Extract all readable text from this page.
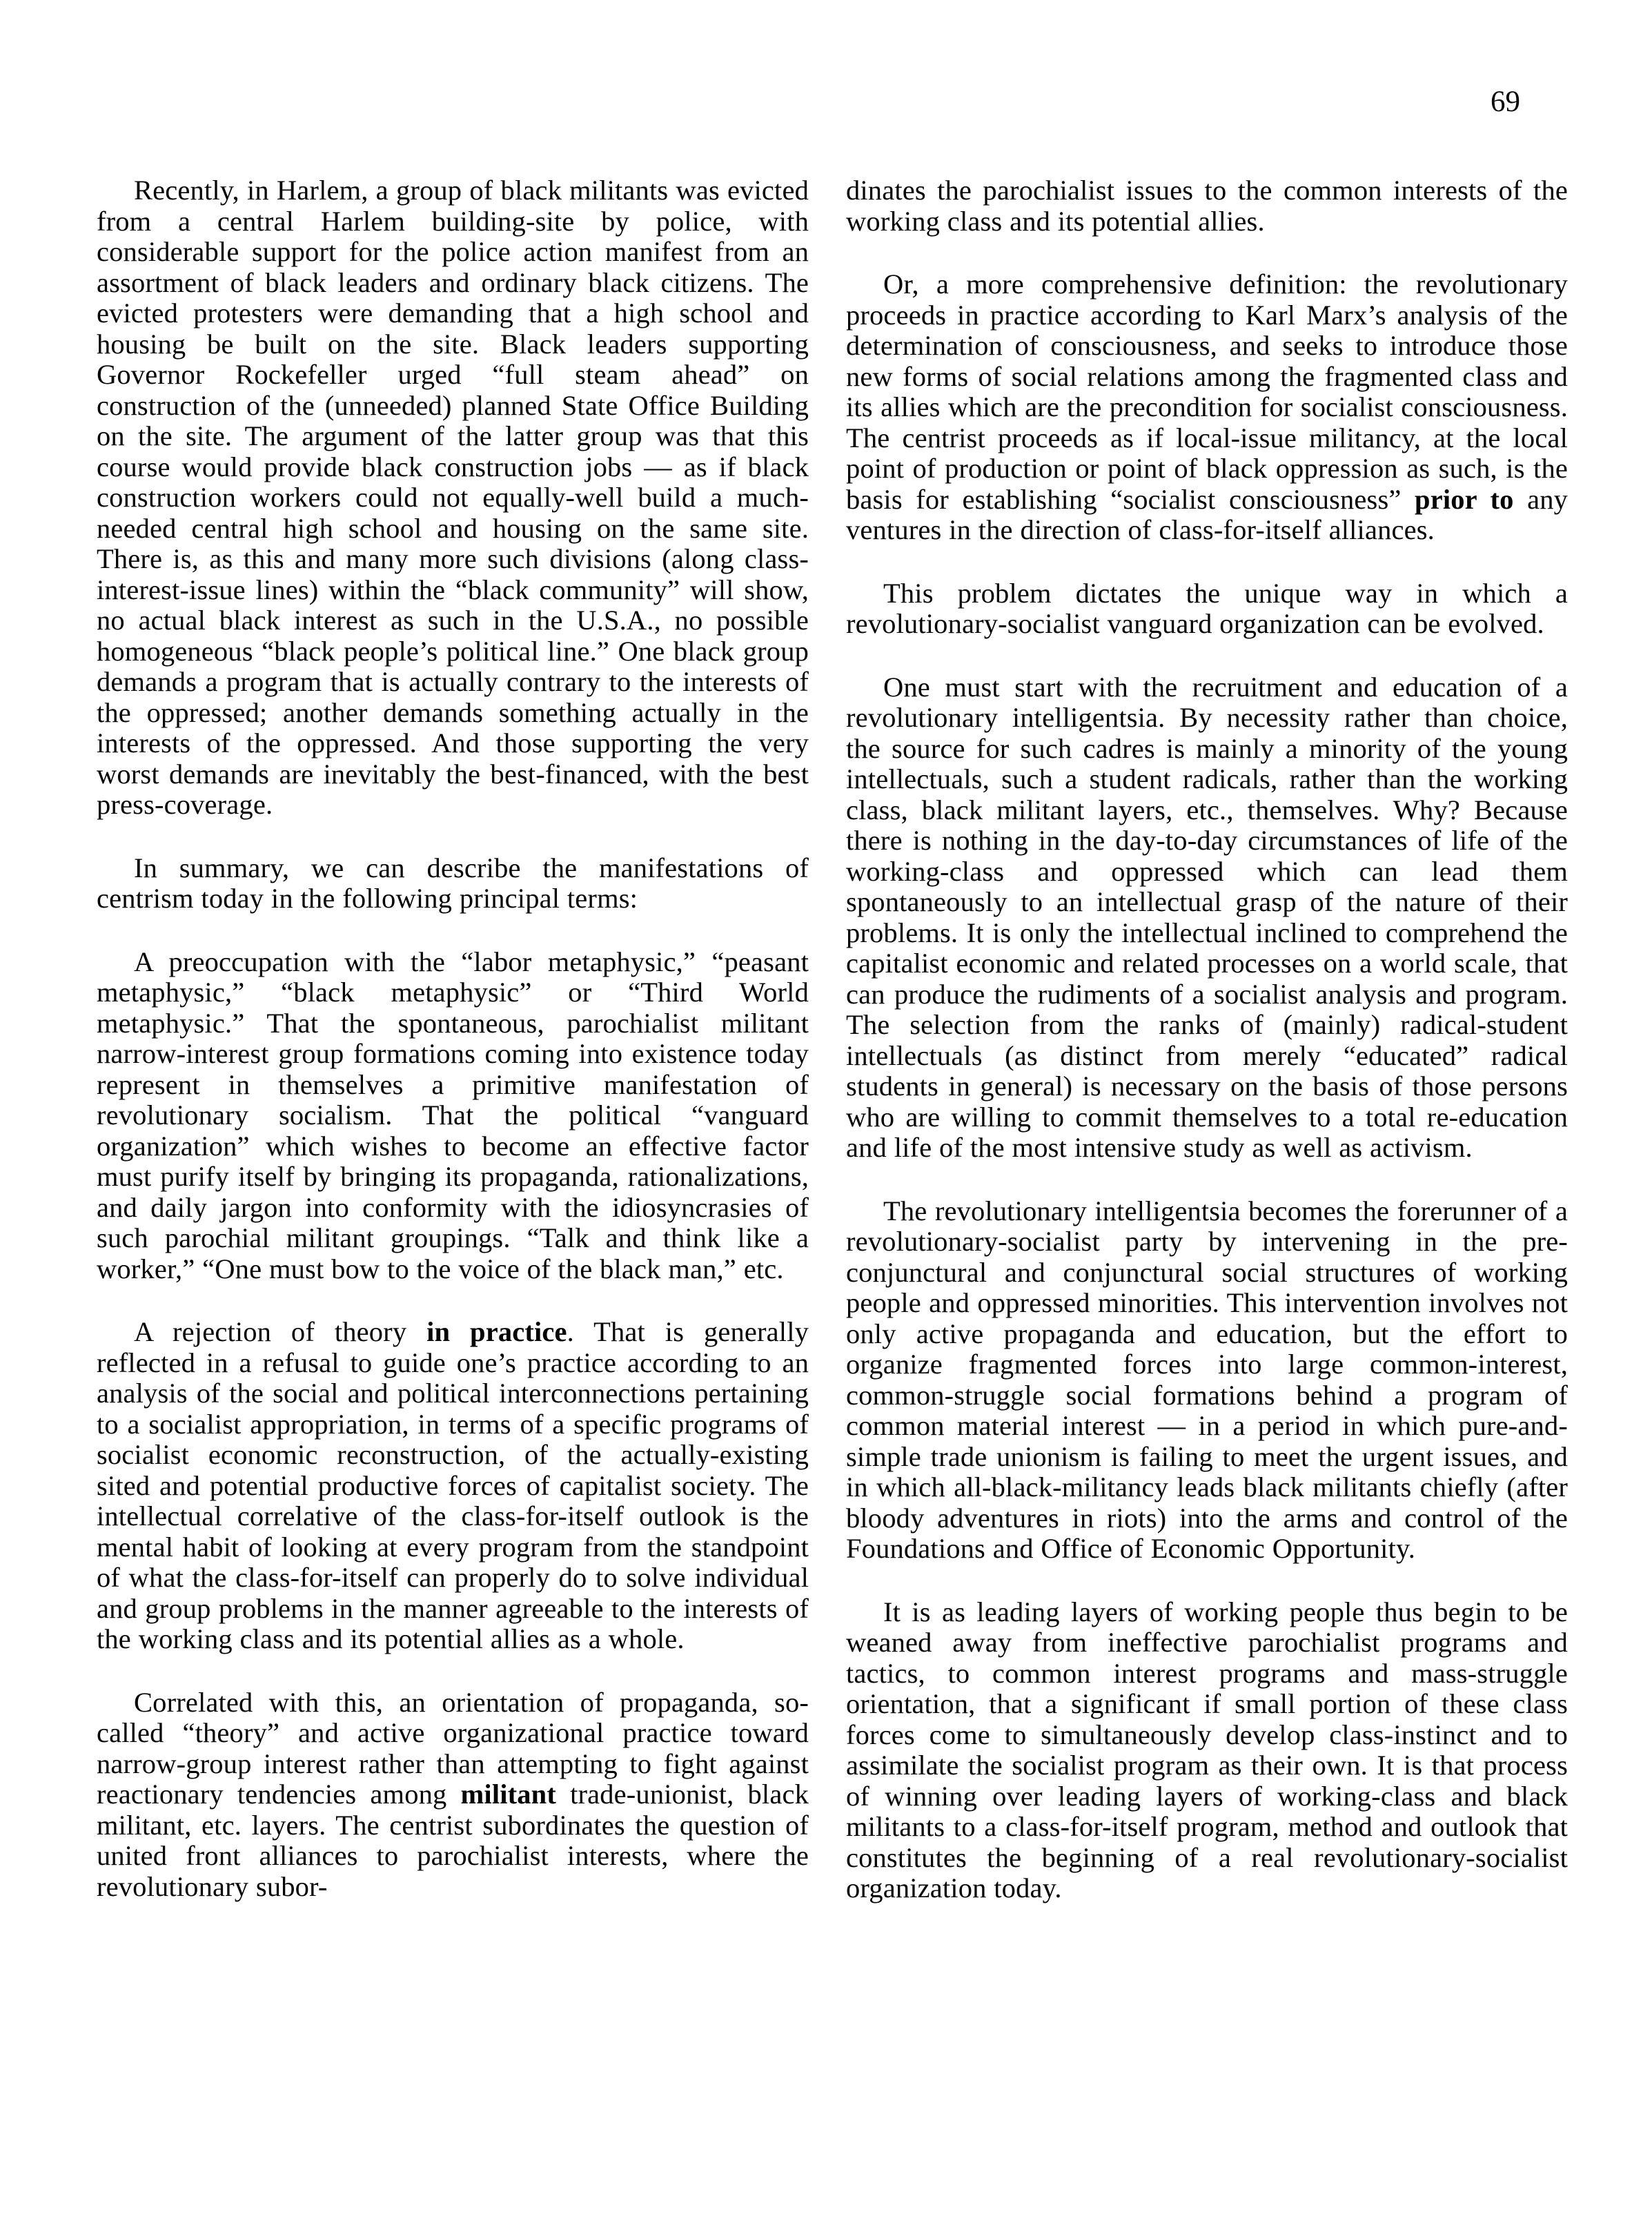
69

Recently, in Harlem, a group of black militants was evicted from a central Harlem building-site by police, with considerable support for the police action manifest from an assortment of black leaders and ordinary black citizens. The evicted protesters were demanding that a high school and housing be built on the site. Black leaders supporting Governor Rockefeller urged “full steam ahead” on construction of the (unneeded) planned State Office Building on the site. The argument of the latter group was that this course would provide black construction jobs — as if black construction workers could not equally-well build a much-needed central high school and housing on the same site. There is, as this and many more such divisions (along class-interest-issue lines) within the “black community” will show, no actual black interest as such in the U.S.A., no possible homogeneous “black people’s political line.” One black group demands a program that is actually contrary to the interests of the oppressed; another demands something actually in the interests of the oppressed. And those supporting the very worst demands are inevitably the best-financed, with the best press-coverage.

In summary, we can describe the manifestations of centrism today in the following principal terms:

A preoccupation with the “labor metaphysic,” “peasant metaphysic,” “black metaphysic” or “Third World metaphysic.” That the spontaneous, parochialist militant narrow-interest group formations coming into existence today represent in themselves a primitive manifestation of revolutionary socialism. That the political “vanguard organization” which wishes to become an effective factor must purify itself by bringing its propaganda, rationalizations, and daily jargon into conformity with the idiosyncrasies of such parochial militant groupings. “Talk and think like a worker,” “One must bow to the voice of the black man,” etc.

A rejection of theory in practice. That is generally reflected in a refusal to guide one’s practice according to an analysis of the social and political interconnections pertaining to a socialist appropriation, in terms of a specific programs of socialist economic reconstruction, of the actually-existing sited and potential productive forces of capitalist society. The intellectual correlative of the class-for-itself outlook is the mental habit of looking at every program from the standpoint of what the class-for-itself can properly do to solve individual and group problems in the manner agreeable to the interests of the working class and its potential allies as a whole.

Correlated with this, an orientation of propaganda, so-called “theory” and active organizational practice toward narrow-group interest rather than attempting to fight against reactionary tendencies among militant trade-unionist, black militant, etc. layers. The centrist subordinates the question of united front alliances to parochialist interests, where the revolutionary subor-

dinates the parochialist issues to the common interests of the working class and its potential allies.

Or, a more comprehensive definition: the revolutionary proceeds in practice according to Karl Marx’s analysis of the determination of consciousness, and seeks to introduce those new forms of social relations among the fragmented class and its allies which are the precondition for socialist consciousness. The centrist proceeds as if local-issue militancy, at the local point of production or point of black oppression as such, is the basis for establishing “socialist consciousness” prior to any ventures in the direction of class-for-itself alliances.

This problem dictates the unique way in which a revolutionary-socialist vanguard organization can be evolved.

One must start with the recruitment and education of a revolutionary intelligentsia. By necessity rather than choice, the source for such cadres is mainly a minority of the young intellectuals, such a student radicals, rather than the working class, black militant layers, etc., themselves. Why? Because there is nothing in the day-to-day circumstances of life of the working-class and oppressed which can lead them spontaneously to an intellectual grasp of the nature of their problems. It is only the intellectual inclined to comprehend the capitalist economic and related processes on a world scale, that can produce the rudiments of a socialist analysis and program. The selection from the ranks of (mainly) radical-student intellectuals (as distinct from merely “educated” radical students in general) is necessary on the basis of those persons who are willing to commit themselves to a total re-education and life of the most intensive study as well as activism.

The revolutionary intelligentsia becomes the forerunner of a revolutionary-socialist party by intervening in the pre-conjunctural and conjunctural social structures of working people and oppressed minorities. This intervention involves not only active propaganda and education, but the effort to organize fragmented forces into large common-interest, common-struggle social formations behind a program of common material interest — in a period in which pure-and-simple trade unionism is failing to meet the urgent issues, and in which all-black-militancy leads black militants chiefly (after bloody adventures in riots) into the arms and control of the Foundations and Office of Economic Opportunity.

It is as leading layers of working people thus begin to be weaned away from ineffective parochialist programs and tactics, to common interest programs and mass-struggle orientation, that a significant if small portion of these class forces come to simultaneously develop class-instinct and to assimilate the socialist program as their own. It is that process of winning over leading layers of working-class and black militants to a class-for-itself program, method and outlook that constitutes the beginning of a real revolutionary-socialist organization today.
